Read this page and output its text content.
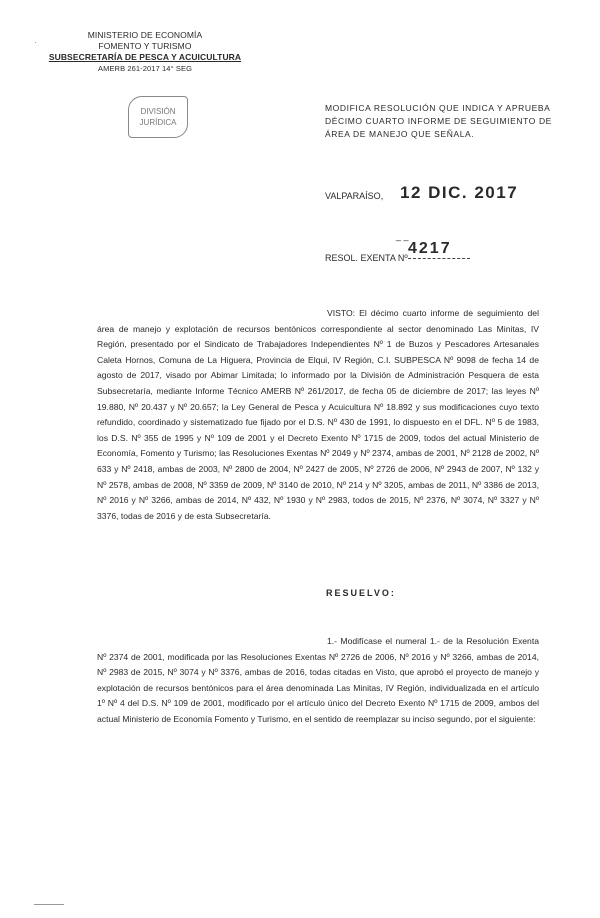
·
MINISTERIO DE ECONOMÍA
FOMENTO Y TURISMO
SUBSECRETARÍA DE PESCA Y ACUICULTURA
AMERB 261-2017 14° SEG
DIVISIÓN
JURÍDICA
MODIFICA RESOLUCIÓN QUE INDICA Y APRUEBA DÉCIMO CUARTO INFORME DE SEGUIMIENTO DE ÁREA DE MANEJO QUE SEÑALA.
VALPARAÍSO, 12 DIC. 2017
_ _
RESOL. EXENTA Nº
4217
VISTO: El décimo cuarto informe de seguimiento del área de manejo y explotación de recursos bentónicos correspondiente al sector denominado Las Minitas, IV Región, presentado por el Sindicato de Trabajadores Independientes Nº 1 de Buzos y Pescadores Artesanales Caleta Hornos, Comuna de La Higuera, Provincia de Elqui, IV Región, C.I. SUBPESCA Nº 9098 de fecha 14 de agosto de 2017, visado por Abimar Limitada; lo informado por la División de Administración Pesquera de esta Subsecretaría, mediante Informe Técnico AMERB Nº 261/2017, de fecha 05 de diciembre de 2017; las leyes Nº 19.880, Nº 20.437 y Nº 20.657; la Ley General de Pesca y Acuicultura Nº 18.892 y sus modificaciones cuyo texto refundido, coordinado y sistematizado fue fijado por el D.S. Nº 430 de 1991, lo dispuesto en el DFL. Nº 5 de 1983, los D.S. Nº 355 de 1995 y Nº 109 de 2001 y el Decreto Exento Nº 1715 de 2009, todos del actual Ministerio de Economía, Fomento y Turismo; las Resoluciones Exentas Nº 2049 y Nº 2374, ambas de 2001, Nº 2128 de 2002, Nº 633 y Nº 2418, ambas de 2003, Nº 2800 de 2004, Nº 2427 de 2005, Nº 2726 de 2006, Nº 2943 de 2007, Nº 132 y Nº 2578, ambas de 2008, Nº 3359 de 2009, Nº 3140 de 2010, Nº 214 y Nº 3205, ambas de 2011, Nº 3386 de 2013, Nº 2016 y Nº 3266, ambas de 2014, Nº 432, Nº 1930 y Nº 2983, todos de 2015, Nº 2376, Nº 3074, Nº 3327 y Nº 3376, todas de 2016 y de esta Subsecretaría.
RESUELVO:
1.- Modifícase el numeral 1.- de la Resolución Exenta Nº 2374 de 2001, modificada por las Resoluciones Exentas Nº 2726 de 2006, Nº 2016 y Nº 3266, ambas de 2014, Nº 2983 de 2015, Nº 3074 y Nº 3376, ambas de 2016, todas citadas en Visto, que aprobó el proyecto de manejo y explotación de recursos bentónicos para el área denominada Las Minitas, IV Región, individualizada en el artículo 1º Nº 4 del D.S. Nº 109 de 2001, modificado por el artículo único del Decreto Exento Nº 1715 de 2009, ambos del actual Ministerio de Economía Fomento y Turismo, en el sentido de reemplazar su inciso segundo, por el siguiente:
